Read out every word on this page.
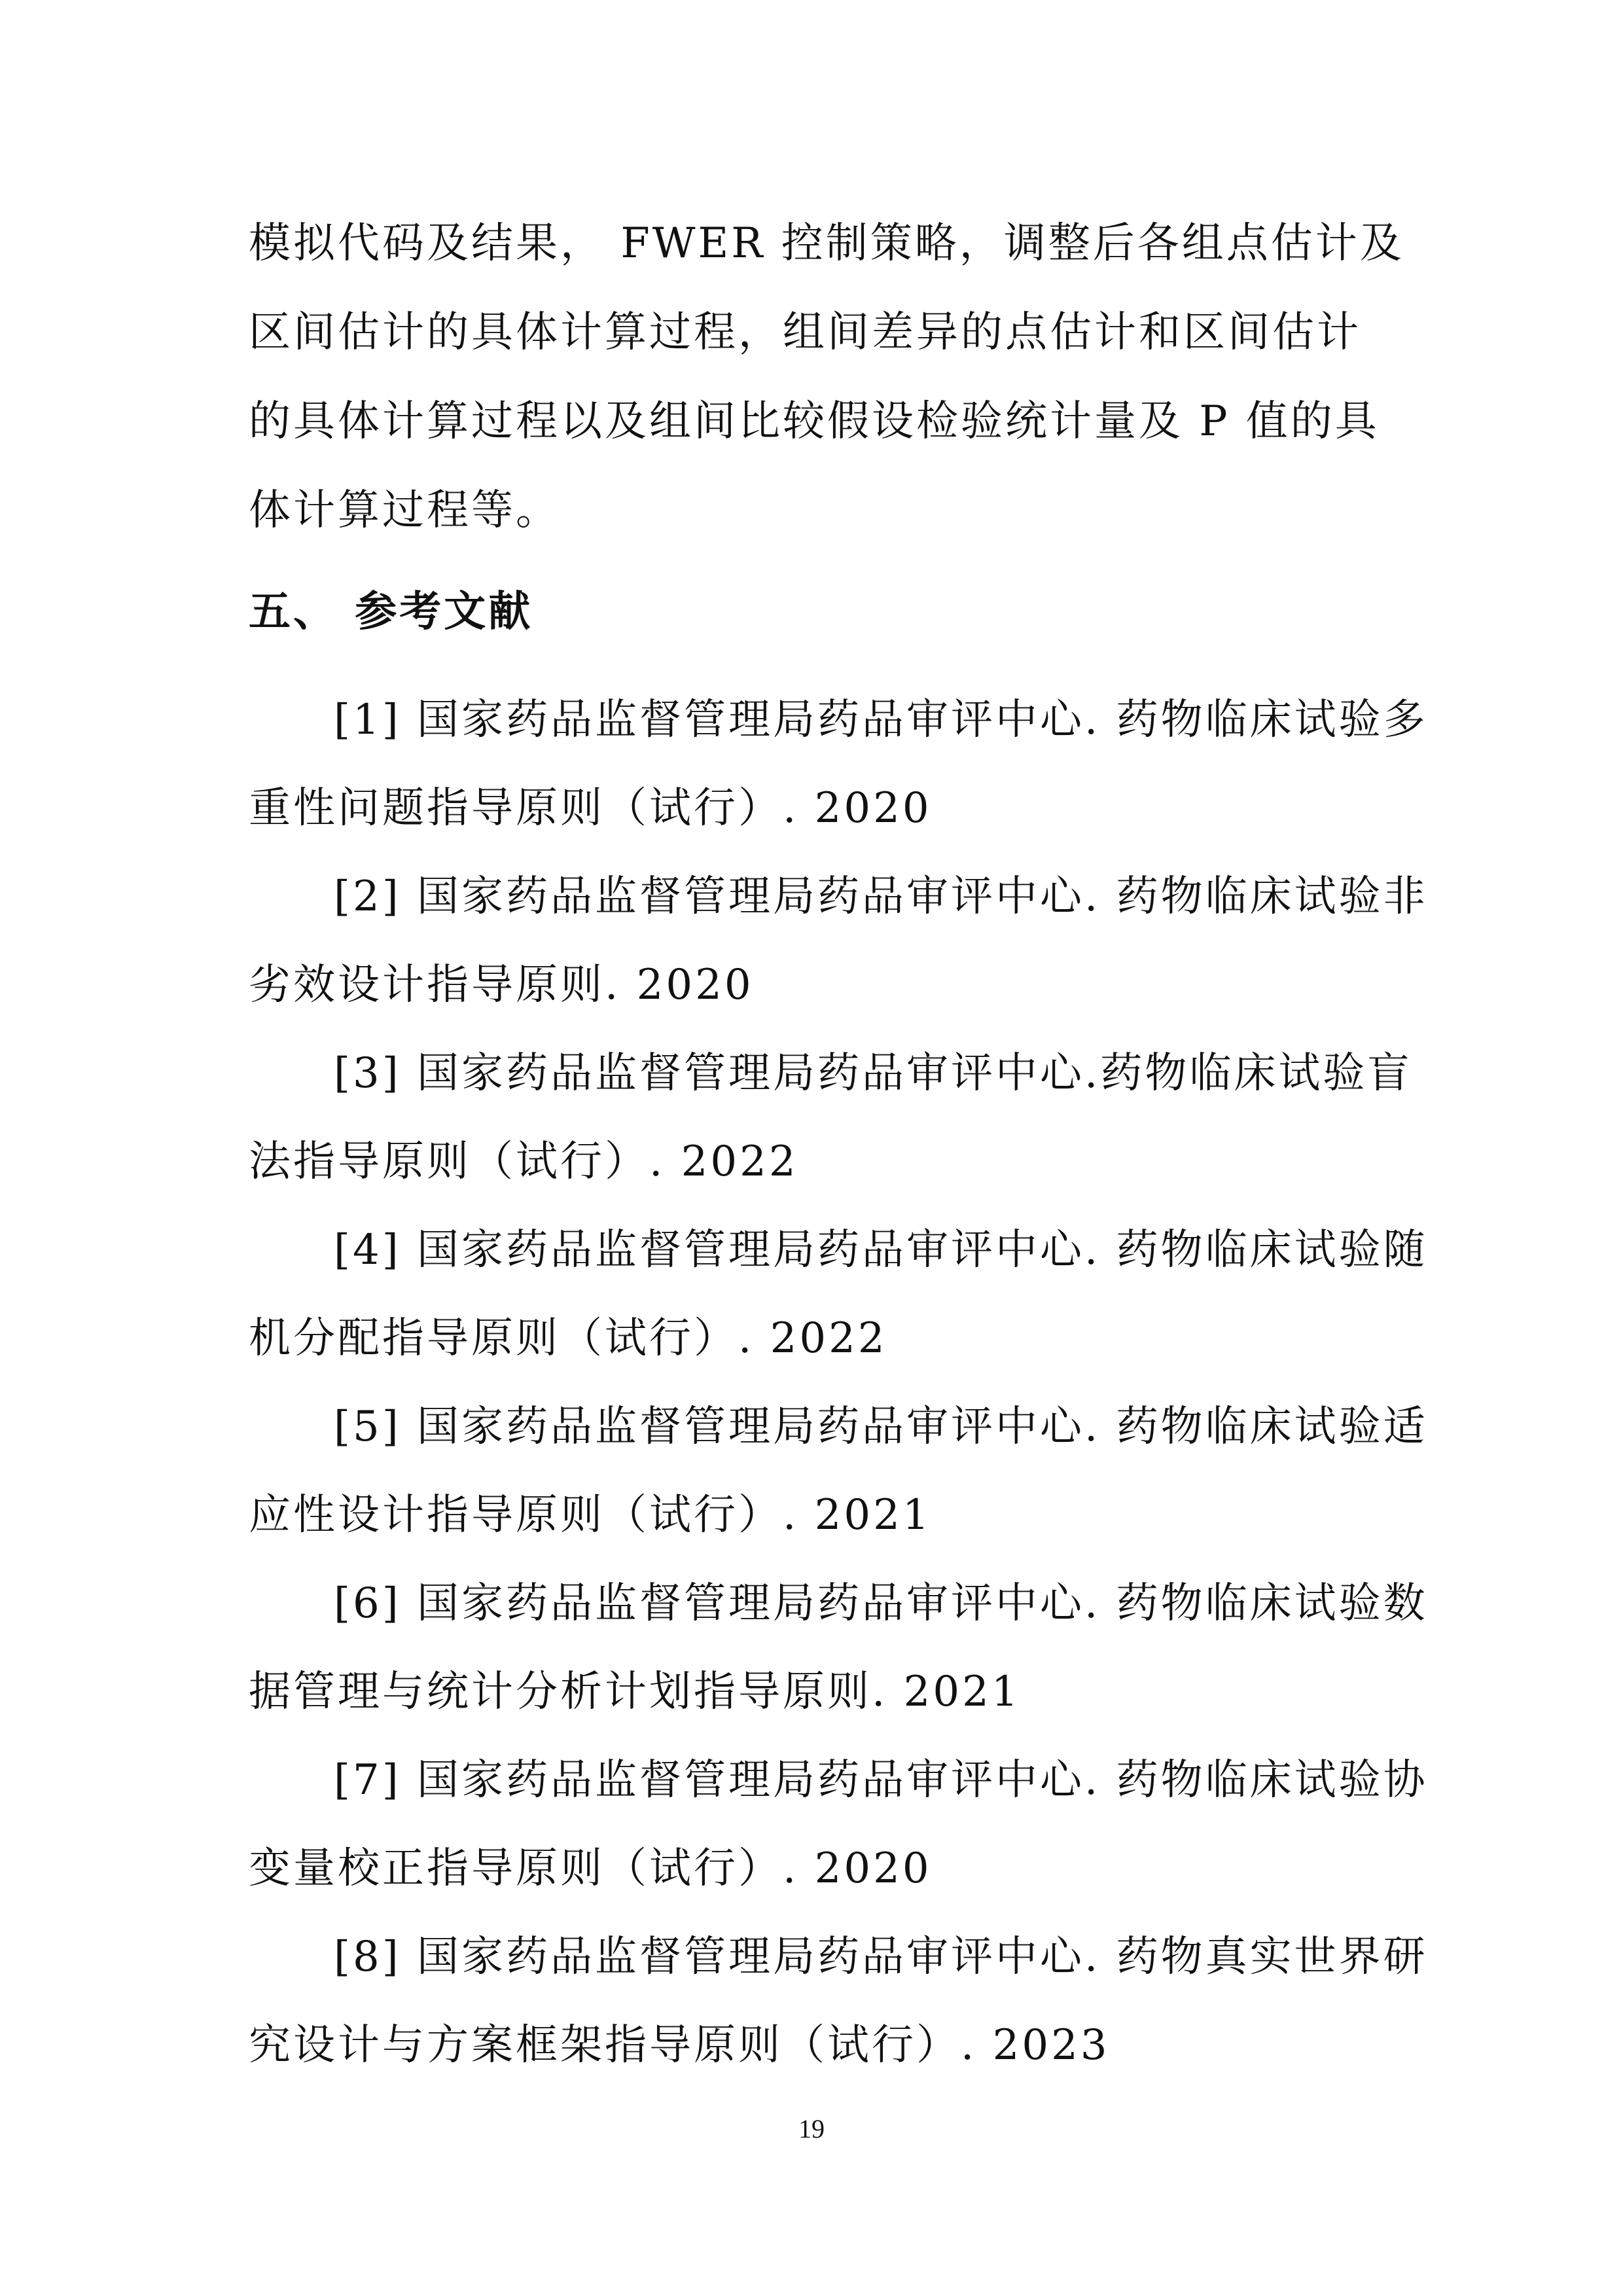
模拟代码及结果， FWER 控制策略，调整后各组点估计及
区间估计的具体计算过程，组间差异的点估计和区间估计
的具体计算过程以及组间比较假设检验统计量及 P 值的具
体计算过程等。
五、 参考文献
[1] 国家药品监督管理局药品审评中心. 药物临床试验多
重性问题指导原则（试行）. 2020
[2] 国家药品监督管理局药品审评中心. 药物临床试验非
劣效设计指导原则. 2020
[3] 国家药品监督管理局药品审评中心.药物临床试验盲
法指导原则（试行）. 2022
[4] 国家药品监督管理局药品审评中心. 药物临床试验随
机分配指导原则（试行）. 2022
[5] 国家药品监督管理局药品审评中心. 药物临床试验适
应性设计指导原则（试行）. 2021
[6] 国家药品监督管理局药品审评中心. 药物临床试验数
据管理与统计分析计划指导原则. 2021
[7] 国家药品监督管理局药品审评中心. 药物临床试验协
变量校正指导原则（试行）. 2020
[8] 国家药品监督管理局药品审评中心. 药物真实世界研
究设计与方案框架指导原则（试行）. 2023
19
